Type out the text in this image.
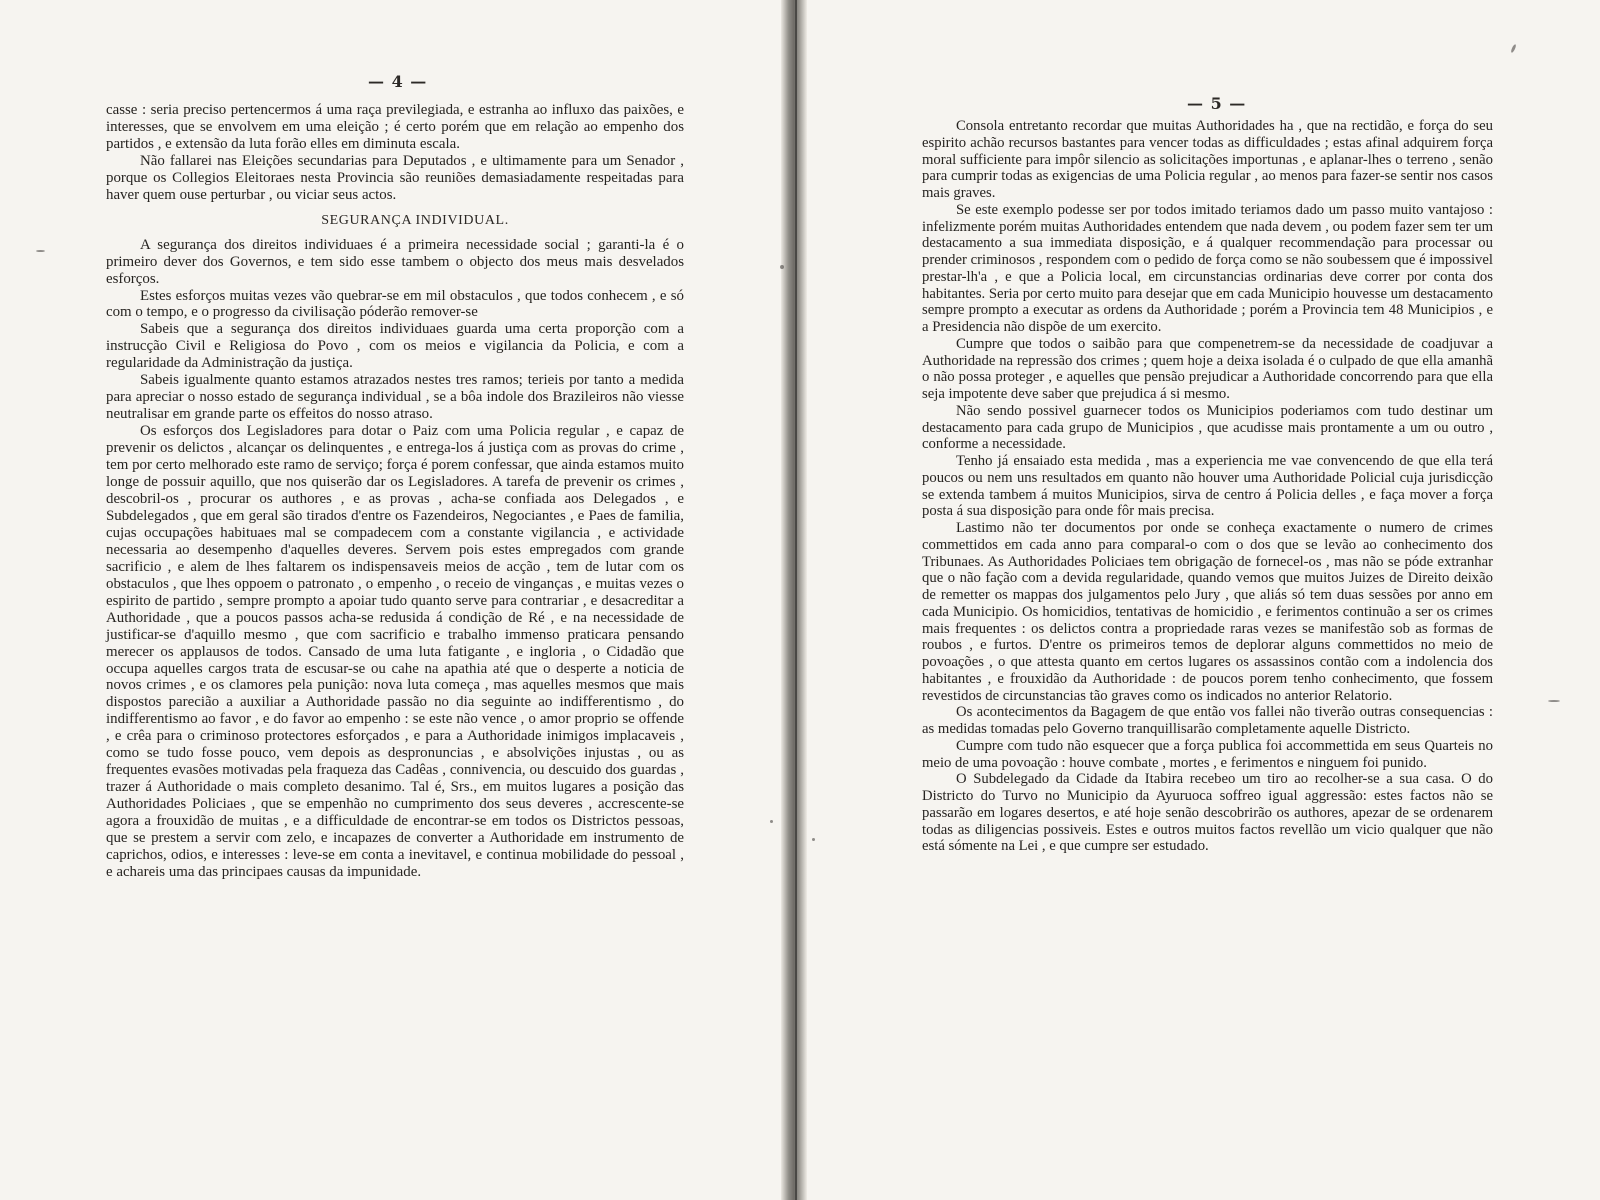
— 4 —

casse : seria preciso pertencermos á uma raça previlegiada, e estranha ao influxo das paixões, e interesses, que se envolvem em uma eleição ; é certo porém que em relação ao empenho dos partidos , e extensão da luta forão elles em diminuta escala.

Não fallarei nas Eleições secundarias para Deputados , e ultimamente para um Senador , porque os Collegios Eleitoraes nesta Provincia são reuniões demasiadamente respeitadas para haver quem ouse perturbar , ou viciar seus actos.

SEGURANÇA INDIVIDUAL.

A segurança dos direitos individuaes é a primeira necessidade social ; garanti-la é o primeiro dever dos Governos, e tem sido esse tambem o objecto dos meus mais desvelados esforços.

Estes esforços muitas vezes vão quebrar-se em mil obstaculos , que todos conhecem , e só com o tempo, e o progresso da civilisação póderão remover-se

Sabeis que a segurança dos direitos individuaes guarda uma certa proporção com a instrucção Civil e Religiosa do Povo , com os meios e vigilancia da Policia, e com a regularidade da Administração da justiça.

Sabeis igualmente quanto estamos atrazados nestes tres ramos; terieis por tanto a medida para apreciar o nosso estado de segurança individual , se a bôa indole dos Brazileiros não viesse neutralisar em grande parte os effeitos do nosso atraso.

Os esforços dos Legisladores para dotar o Paiz com uma Policia regular , e capaz de prevenir os delictos , alcançar os delinquentes , e entrega-los á justiça com as provas do crime , tem por certo melhorado este ramo de serviço; força é porem confessar, que ainda estamos muito longe de possuir aquillo, que nos quiserão dar os Legisladores. A tarefa de prevenir os crimes , descobril-os , procurar os authores , e as provas , acha-se confiada aos Delegados , e Subdelegados , que em geral são tirados d'entre os Fazendeiros, Negociantes , e Paes de familia, cujas occupações habituaes mal se compadecem com a constante vigilancia , e actividade necessaria ao desempenho d'aquelles deveres. Servem pois estes empregados com grande sacrificio , e alem de lhes faltarem os indispensaveis meios de acção , tem de lutar com os obstaculos , que lhes oppoem o patronato , o empenho , o receio de vinganças , e muitas vezes o espirito de partido , sempre prompto a apoiar tudo quanto serve para contrariar , e desacreditar a Authoridade , que a poucos passos acha-se redusida á condição de Ré , e na necessidade de justificar-se d'aquillo mesmo , que com sacrificio e trabalho immenso praticara pensando merecer os applausos de todos. Cansado de uma luta fatigante , e ingloria , o Cidadão que occupa aquelles cargos trata de escusar-se ou cahe na apathia até que o desperte a noticia de novos crimes , e os clamores pela punição: nova luta começa , mas aquelles mesmos que mais dispostos parecião a auxiliar a Authoridade passão no dia seguinte ao indifferentismo , do indifferentismo ao favor , e do favor ao empenho : se este não vence , o amor proprio se offende , e crêa para o criminoso protectores esforçados , e para a Authoridade inimigos implacaveis , como se tudo fosse pouco, vem depois as despronuncias , e absolvições injustas , ou as frequentes evasões motivadas pela fraqueza das Cadêas , connivencia, ou descuido dos guardas , trazer á Authoridade o mais completo desanimo. Tal é, Srs., em muitos lugares a posição das Authoridades Policiaes , que se empenhão no cumprimento dos seus deveres , accrescente-se agora a frouxidão de muitas , e a difficuldade de encontrar-se em todos os Districtos pessoas, que se prestem a servir com zelo, e incapazes de converter a Authoridade em instrumento de caprichos, odios, e interesses : leve-se em conta a inevitavel, e continua mobilidade do pessoal , e achareis uma das principaes causas da impunidade.

— 5 —

Consola entretanto recordar que muitas Authoridades ha , que na rectidão, e força do seu espirito achão recursos bastantes para vencer todas as difficuldades ; estas afinal adquirem força moral sufficiente para impôr silencio as solicitações importunas , e aplanar-lhes o terreno , senão para cumprir todas as exigencias de uma Policia regular , ao menos para fazer-se sentir nos casos mais graves.

Se este exemplo podesse ser por todos imitado teriamos dado um passo muito vantajoso : infelizmente porém muitas Authoridades entendem que nada devem , ou podem fazer sem ter um destacamento a sua immediata disposição, e á qualquer recommendação para processar ou prender criminosos , respondem com o pedido de força como se não soubessem que é impossivel prestar-lh'a , e que a Policia local, em circunstancias ordinarias deve correr por conta dos habitantes. Seria por certo muito para desejar que em cada Municipio houvesse um destacamento sempre prompto a executar as ordens da Authoridade ; porém a Provincia tem 48 Municipios , e a Presidencia não dispõe de um exercito.

Cumpre que todos o saibão para que compenetrem-se da necessidade de coadjuvar a Authoridade na repressão dos crimes ; quem hoje a deixa isolada é o culpado de que ella amanhã o não possa proteger , e aquelles que pensão prejudicar a Authoridade concorrendo para que ella seja impotente deve saber que prejudica á si mesmo.

Não sendo possivel guarnecer todos os Municipios poderiamos com tudo destinar um destacamento para cada grupo de Municipios , que acudisse mais prontamente a um ou outro , conforme a necessidade.

Tenho já ensaiado esta medida , mas a experiencia me vae convencendo de que ella terá poucos ou nem uns resultados em quanto não houver uma Authoridade Policial cuja jurisdicção se extenda tambem á muitos Municipios, sirva de centro á Policia delles , e faça mover a força posta á sua disposição para onde fôr mais precisa.

Lastimo não ter documentos por onde se conheça exactamente o numero de crimes commettidos em cada anno para comparal-o com o dos que se levão ao conhecimento dos Tribunaes. As Authoridades Policiaes tem obrigação de fornecel-os , mas não se póde extranhar que o não fação com a devida regularidade, quando vemos que muitos Juizes de Direito deixão de remetter os mappas dos julgamentos pelo Jury , que aliás só tem duas sessões por anno em cada Municipio. Os homicidios, tentativas de homicidio , e ferimentos continuão a ser os crimes mais frequentes : os delictos contra a propriedade raras vezes se manifestão sob as formas de roubos , e furtos. D'entre os primeiros temos de deplorar alguns commettidos no meio de povoações , o que attesta quanto em certos lugares os assassinos contão com a indolencia dos habitantes , e frouxidão da Authoridade : de poucos porem tenho conhecimento, que fossem revestidos de circunstancias tão graves como os indicados no anterior Relatorio.

Os acontecimentos da Bagagem de que então vos fallei não tiverão outras consequencias : as medidas tomadas pelo Governo tranquillisarão completamente aquelle Districto.

Cumpre com tudo não esquecer que a força publica foi accommettida em seus Quarteis no meio de uma povoação : houve combate , mortes , e ferimentos e ninguem foi punido.

O Subdelegado da Cidade da Itabira recebeo um tiro ao recolher-se a sua casa. O do Districto do Turvo no Municipio da Ayuruoca soffreo igual aggressão: estes factos não se passarão em logares desertos, e até hoje senão descobrirão os authores, apezar de se ordenarem todas as diligencias possiveis. Estes e outros muitos factos revellão um vicio qualquer que não está sómente na Lei , e que cumpre ser estudado.
